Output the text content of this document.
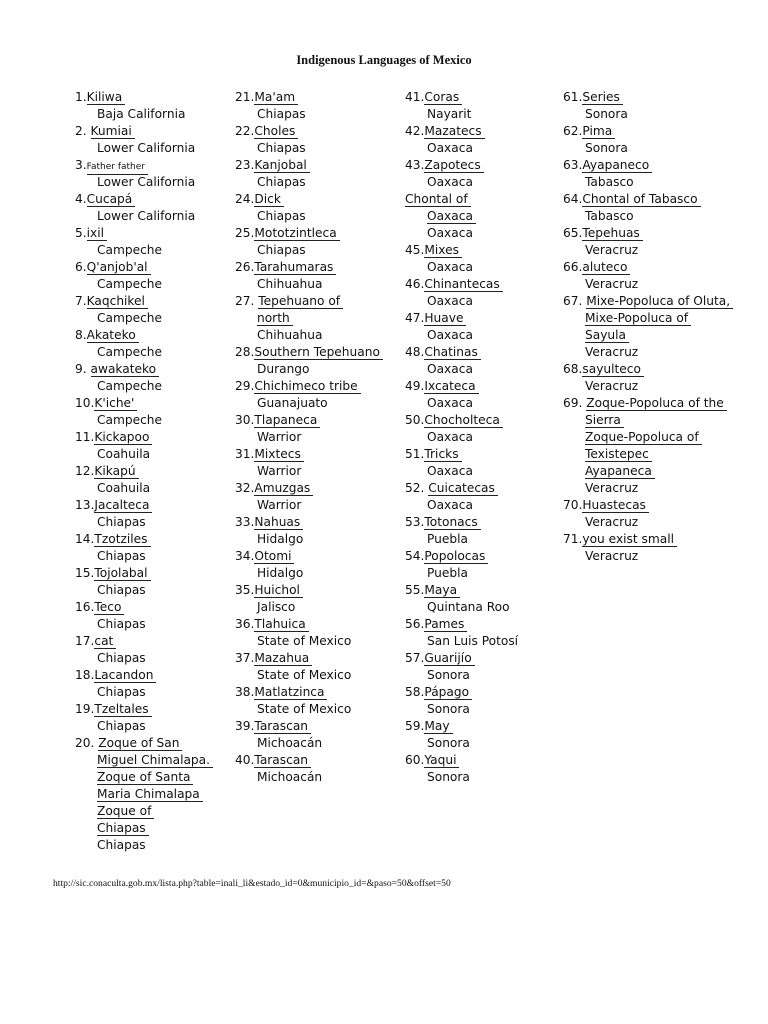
Indigenous Languages of Mexico
1.Kiliwa
Baja California
2. Kumiai
Lower California
3.Father father
Lower California
4.Cucapá
Lower California
5.ixil
Campeche
6.Q'anjob'al
Campeche
7.Kaqchikel
Campeche
8.Akateko
Campeche
9. awakateko
Campeche
10.K'iche'
Campeche
11.Kickapoo
Coahuila
12.Kikapú
Coahuila
13.Jacalteca
Chiapas
14.Tzotziles
Chiapas
15.Tojolabal
Chiapas
16.Teco
Chiapas
17.cat
Chiapas
18.Lacandon
Chiapas
19.Tzeltales
Chiapas
20. Zoque of San
Miguel Chimalapa.
Zoque of Santa
Maria Chimalapa
Zoque of
Chiapas
Chiapas
21.Ma'am
Chiapas
22.Choles
Chiapas
23.Kanjobal
Chiapas
24.Dick
Chiapas
25.Mototzintleca
Chiapas
26.Tarahumaras
Chihuahua
27. Tepehuano of
north
Chihuahua
28.Southern Tepehuano
Durango
29.Chichimeco tribe
Guanajuato
30.Tlapaneca
Warrior
31.Mixtecs
Warrior
32.Amuzgas
Warrior
33.Nahuas
Hidalgo
34.Otomi
Hidalgo
35.Huichol
Jalisco
36.Tlahuica
State of Mexico
37.Mazahua
State of Mexico
38.Matlatzinca
State of Mexico
39.Tarascan
Michoacán
40.Tarascan
Michoacán
41.Coras
Nayarit
42.Mazatecs
Oaxaca
43.Zapotecs
Oaxaca
Chontal of
Oaxaca
Oaxaca
45.Mixes
Oaxaca
46.Chinantecas
Oaxaca
47.Huave
Oaxaca
48.Chatinas
Oaxaca
49.Ixcateca
Oaxaca
50.Chocholteca
Oaxaca
51.Tricks
Oaxaca
52. Cuicatecas
Oaxaca
53.Totonacs
Puebla
54.Popolocas
Puebla
55.Maya
Quintana Roo
56.Pames
San Luis Potosí
57.Guarijío
Sonora
58.Pápago
Sonora
59.May
Sonora
60.Yaqui
Sonora
61.Series
Sonora
62.Pima
Sonora
63.Ayapaneco
Tabasco
64.Chontal of Tabasco
Tabasco
65.Tepehuas
Veracruz
66.aluteco
Veracruz
67. Mixe-Popoluca of Oluta,
Mixe-Popoluca of
Sayula
Veracruz
68.sayulteco
Veracruz
69. Zoque-Popoluca of the
Sierra
Zoque-Popoluca of
Texistepec
Ayapaneca
Veracruz
70.Huastecas
Veracruz
71.you exist small
Veracruz
http://sic.conaculta.gob.mx/lista.php?table=inali_li&estado_id=0&municipio_id=&paso=50&offset=50
